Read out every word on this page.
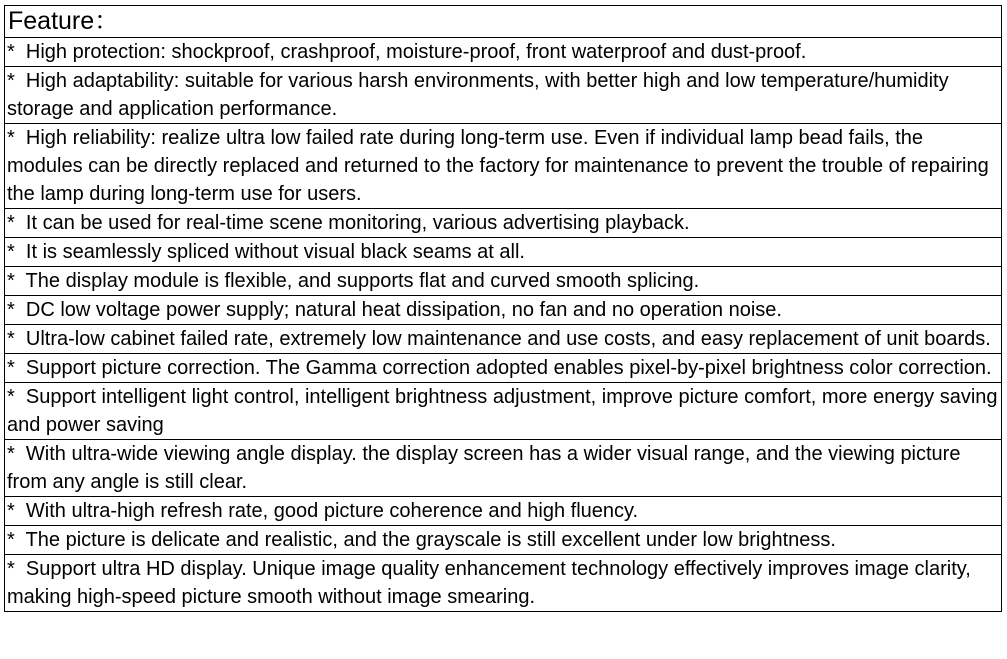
Feature：
*  High protection: shockproof, crashproof, moisture-proof, front waterproof and dust-proof.
*  High adaptability: suitable for various harsh environments, with better high and low temperature/humidity storage and application performance.
*  High reliability: realize ultra low failed rate during long-term use. Even if individual lamp bead fails, the modules can be directly replaced and returned to the factory for maintenance to prevent the trouble of repairing the lamp during long-term use for users.
*  It can be used for real-time scene monitoring, various advertising playback.
*  It is seamlessly spliced without visual black seams at all.
*  The display module is flexible, and supports flat and curved smooth splicing.
*  DC low voltage power supply; natural heat dissipation, no fan and no operation noise.
*  Ultra-low cabinet failed rate, extremely low maintenance and use costs, and easy replacement of unit boards.
*  Support picture correction. The Gamma correction adopted enables pixel-by-pixel brightness color correction.
*  Support intelligent light control, intelligent brightness adjustment, improve picture comfort, more energy saving and power saving
*  With ultra-wide viewing angle display. the display screen has a wider visual range, and the viewing picture from any angle is still clear.
*  With ultra-high refresh rate, good picture coherence and high fluency.
*  The picture is delicate and realistic, and the grayscale is still excellent under low brightness.
*  Support ultra HD display. Unique image quality enhancement technology effectively improves image clarity, making high-speed picture smooth without image smearing.
